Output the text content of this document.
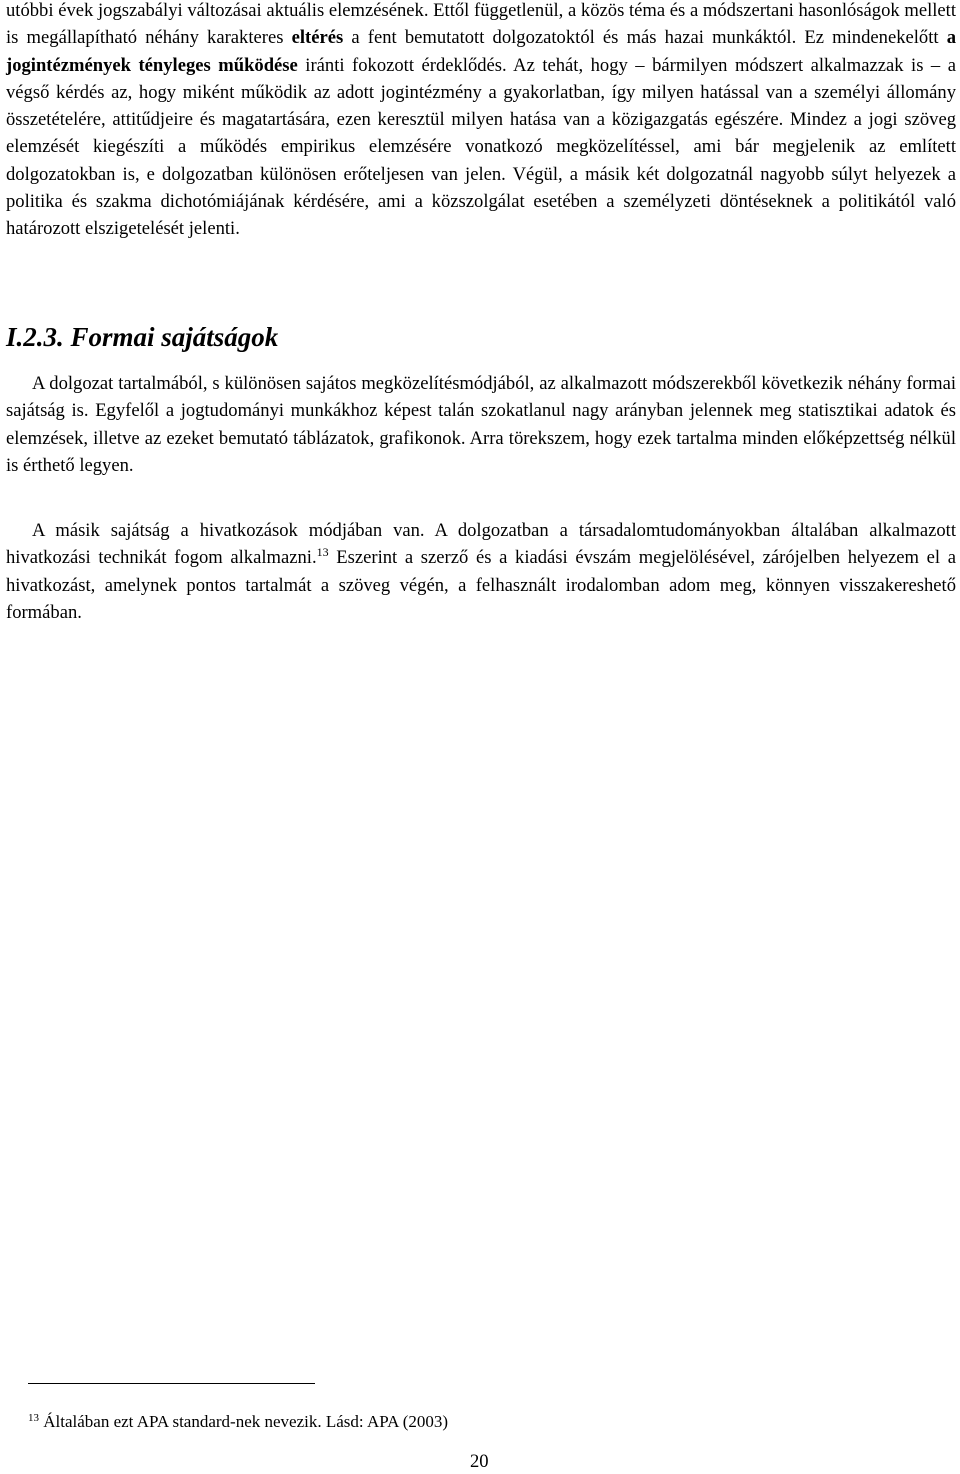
utóbbi évek jogszabályi változásai aktuális elemzésének. Ettől függetlenül, a közös téma és a módszertani hasonlóságok mellett is megállapítható néhány karakteres eltérés a fent bemutatott dolgozatoktól és más hazai munkáktól. Ez mindenekelőtt a jogintézmények tényleges működése iránti fokozott érdeklődés. Az tehát, hogy – bármilyen módszert alkalmazzak is – a végső kérdés az, hogy miként működik az adott jogintézmény a gyakorlatban, így milyen hatással van a személyi állomány összetételére, attitűdjeire és magatartására, ezen keresztül milyen hatása van a közigazgatás egészére. Mindez a jogi szöveg elemzését kiegészíti a működés empirikus elemzésére vonatkozó megközelítéssel, ami bár megjelenik az említett dolgozatokban is, e dolgozatban különösen erőteljesen van jelen. Végül, a másik két dolgozatnál nagyobb súlyt helyezek a politika és szakma dichotómiájának kérdésére, ami a közszolgálat esetében a személyzeti döntéseknek a politikától való határozott elszigetelését jelenti.

I.2.3. Formai sajátságok

A dolgozat tartalmából, s különösen sajátos megközelítésmódjából, az alkalmazott módszerekből következik néhány formai sajátság is. Egyfelől a jogtudományi munkákhoz képest talán szokatlanul nagy arányban jelennek meg statisztikai adatok és elemzések, illetve az ezeket bemutató táblázatok, grafikonok. Arra törekszem, hogy ezek tartalma minden előképzettség nélkül is érthető legyen.

A másik sajátság a hivatkozások módjában van. A dolgozatban a társadalomtudományokban általában alkalmazott hivatkozási technikát fogom alkalmazni.$^{13}$ Eszerint a szerző és a kiadási évszám megjelölésével, zárójelben helyezem el a hivatkozást, amelynek pontos tartalmát a szöveg végén, a felhasznált irodalomban adom meg, könnyen visszakereshető formában.

$^{13}$ Általában ezt APA standard-nek nevezik. Lásd: APA (2003)

20
